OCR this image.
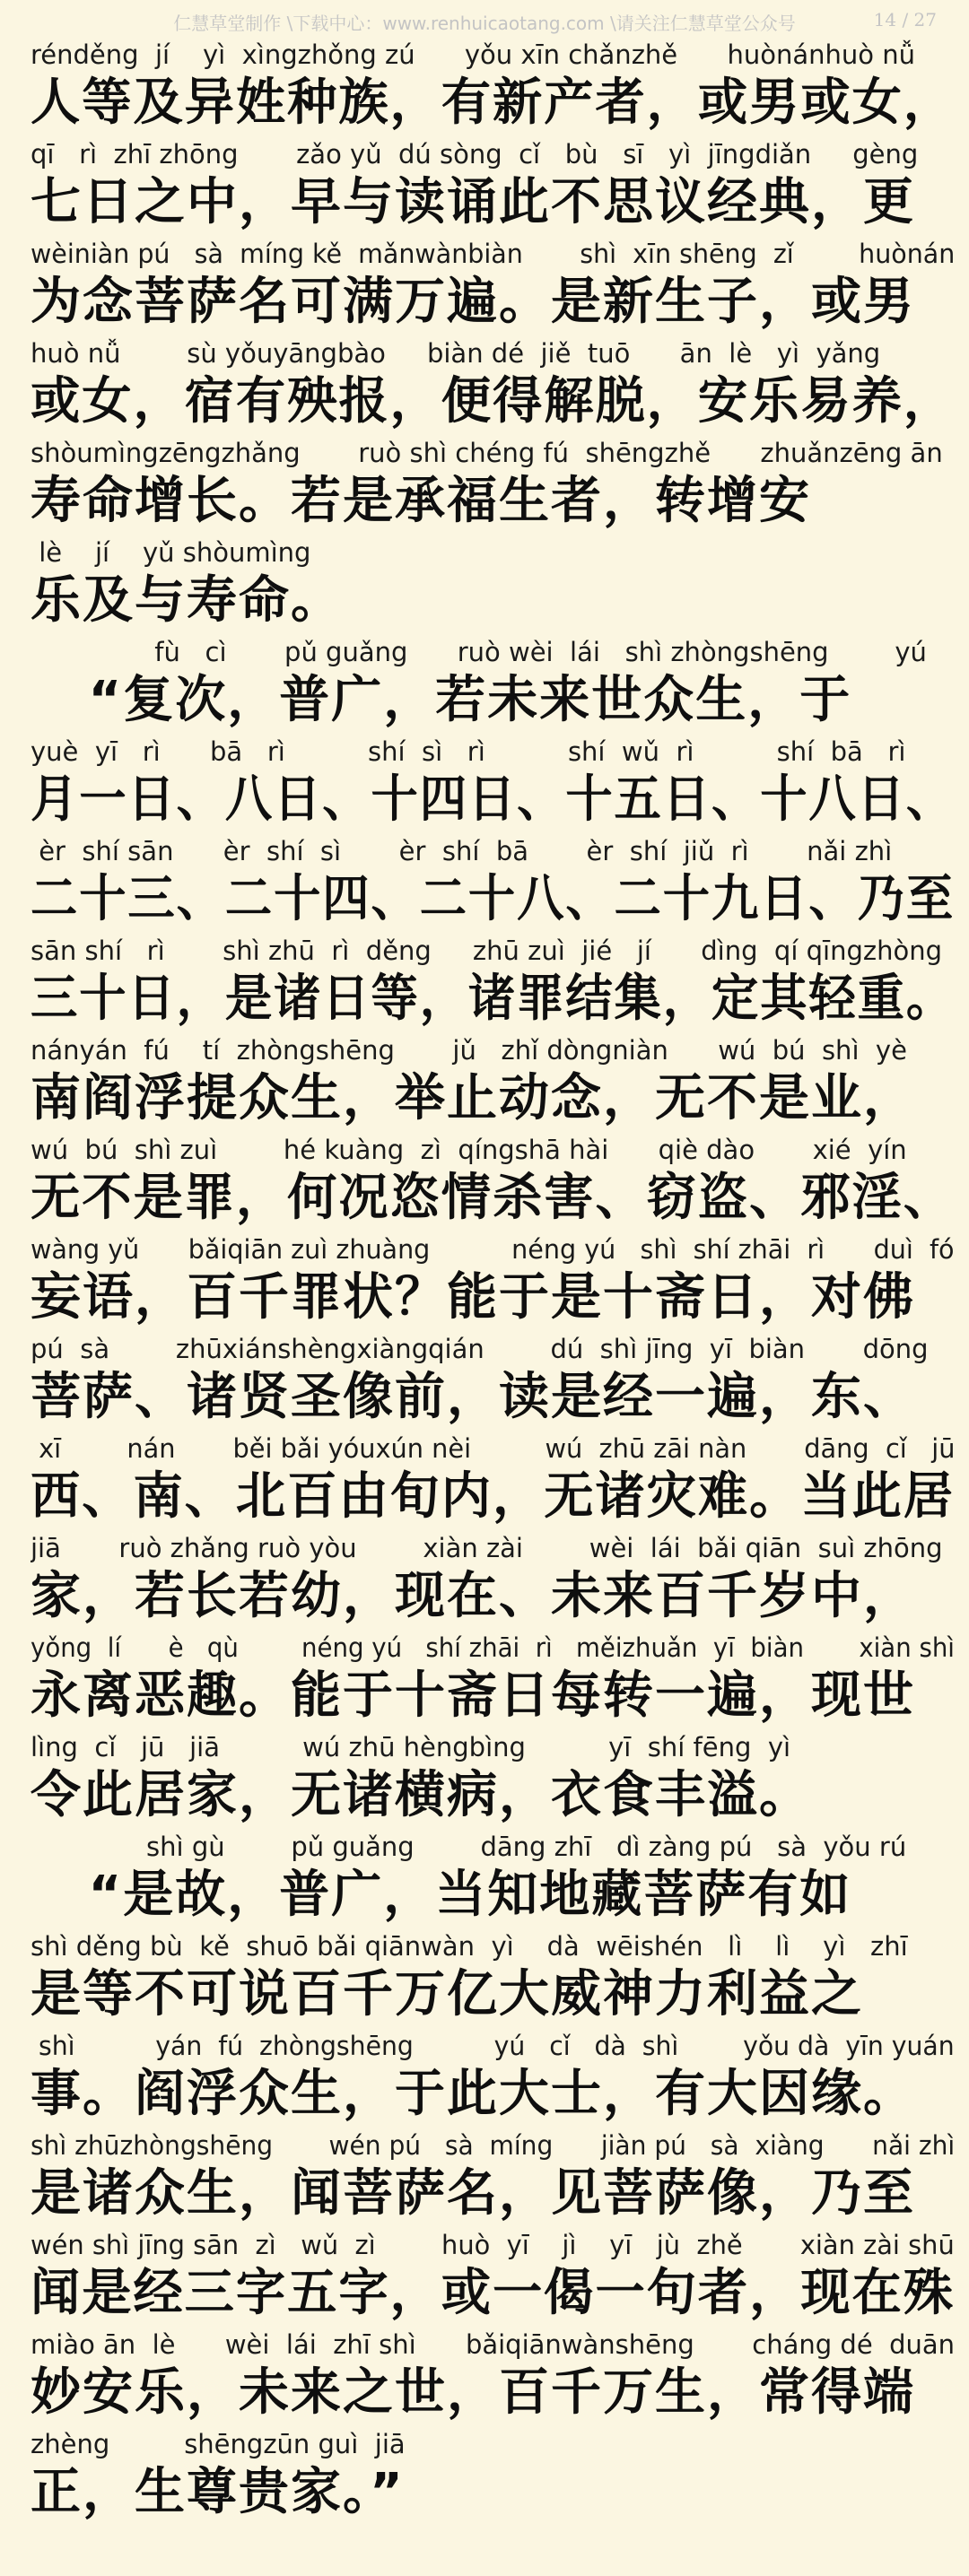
仁慧草堂制作 \下载中心：www.renhuicaotang.com \请关注仁慧草堂公众号	14 / 27
rénděng  jí    yì  xìngzhǒng zú      yǒu xīn chǎnzhě      huònánhuò nǚ
人等及异姓种族，有新产者，或男或女，
qī   rì  zhī zhōng       zǎo yǔ  dú sòng  cǐ   bù   sī   yì  jīngdiǎn     gèng
七日之中，早与读诵此不思议经典，更
wèiniàn pú   sà  míng kě  mǎnwànbiàn       shì  xīn shēng  zǐ        huònán
为念菩萨名可满万遍。是新生子，或男
huò nǚ        sù yǒuyāngbào     biàn dé  jiě  tuō      ān  lè   yì  yǎng
或女，宿有殃报，便得解脱，安乐易养，
shòumìngzēngzhǎng       ruò shì chéng fú  shēngzhě      zhuǎnzēng ān
寿命增长。若是承福生者，转增安
lè    jí    yǔ shòumìng
乐及与寿命。
fù   cì       pǔ guǎng      ruò wèi  lái   shì zhòngshēng        yú
“复次，普广，若未来世众生，于
yuè  yī   rì      bā   rì          shí  sì   rì          shí  wǔ  rì          shí  bā   rì
月一日、八日、十四日、十五日、十八日、
èr  shí sān      èr  shí  sì       èr  shí  bā       èr  shí  jiǔ  rì       nǎi zhì
二十三、二十四、二十八、二十九日、乃至
sān shí   rì       shì zhū  rì  děng     zhū zuì  jié   jí      dìng  qí qīngzhòng
三十日，是诸日等，诸罪结集，定其轻重。
nányán  fú    tí  zhòngshēng       jǔ   zhǐ dòngniàn      wú  bú  shì  yè
南阎浮提众生，举止动念，无不是业，
wú  bú  shì zuì        hé kuàng  zì  qíngshā hài      qiè dào       xié  yín
无不是罪，何况恣情杀害、窃盗、邪淫、
wàng yǔ      bǎiqiān zuì zhuàng          néng yú   shì  shí zhāi  rì      duì  fó
妄语，百千罪状？能于是十斋日，对佛
pú  sà        zhūxiánshèngxiàngqián        dú  shì jīng  yī  biàn       dōng
菩萨、诸贤圣像前，读是经一遍，东、
xī        nán       běi bǎi yóuxún nèi         wú  zhū zāi nàn       dāng  cǐ   jū
西、南、北百由旬内，无诸灾难。当此居
jiā       ruò zhǎng ruò yòu        xiàn zài        wèi  lái  bǎi qiān  suì zhōng
家，若长若幼，现在、未来百千岁中，
yǒng  lí      è   qù        néng yú   shí zhāi  rì   měizhuǎn  yī  biàn       xiàn shì
永离恶趣。能于十斋日每转一遍，现世
lìng  cǐ   jū   jiā          wú zhū hèngbìng          yī  shí fēng  yì
令此居家，无诸横病，衣食丰溢。
shì gù        pǔ guǎng        dāng zhī   dì zàng pú   sà  yǒu rú
“是故，普广，当知地藏菩萨有如
shì děng bù  kě  shuō bǎi qiānwàn  yì    dà  wēishén   lì    lì    yì   zhī
是等不可说百千万亿大威神力利益之
shì          yán  fú  zhòngshēng          yú   cǐ   dà  shì        yǒu dà  yīn yuán
事。阎浮众生，于此大士，有大因缘。
shì zhūzhòngshēng       wén pú   sà  míng      jiàn pú   sà  xiàng      nǎi zhì
是诸众生，闻菩萨名，见菩萨像，乃至
wén shì jīng sān  zì   wǔ  zì        huò  yī    jì    yī   jù  zhě       xiàn zài shū
闻是经三字五字，或一偈一句者，现在殊
miào ān  lè      wèi  lái  zhī shì      bǎiqiānwànshēng       cháng dé  duān
妙安乐，未来之世，百千万生，常得端
zhèng         shēngzūn guì  jiā
正，生尊贵家。”
